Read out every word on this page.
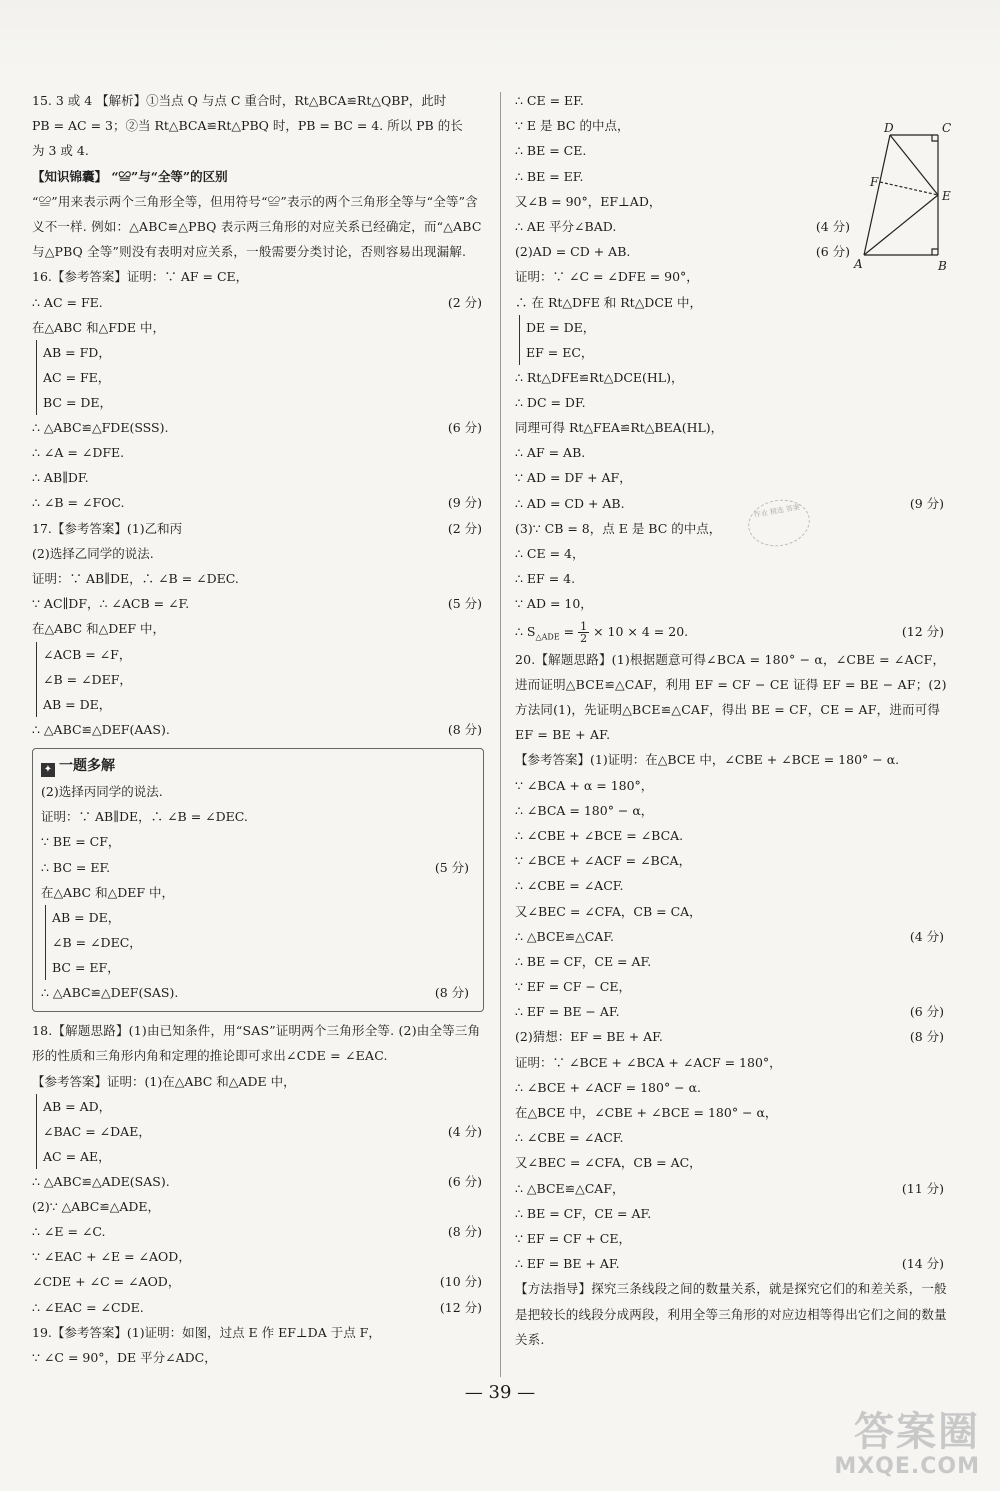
15. 3 或 4 【解析】①当点 Q 与点 C 重合时，Rt△BCA≌Rt△QBP，此时
PB = AC = 3；②当 Rt△BCA≌Rt△PBQ 时，PB = BC = 4. 所以 PB 的长
为 3 或 4.
【知识锦囊】 “≌”与“全等”的区别
“≌”用来表示两个三角形全等，但用符号“≌”表示的两个三角形全等与“全等”含义不一样. 例如：△ABC≌△PBQ 表示两三角形的对应关系已经确定，而“△ABC 与△PBQ 全等”则没有表明对应关系，一般需要分类讨论，否则容易出现漏解.
16.【参考答案】证明：∵ AF = CE，
∴ AC = FE.	(2 分)
在△ABC 和△FDE 中，
AB = FD，
AC = FE，
BC = DE，
∴ △ABC≌△FDE(SSS).	(6 分)
∴ ∠A = ∠DFE.
∴ AB∥DF.
∴ ∠B = ∠FOC.	(9 分)
17.【参考答案】(1)乙和丙	(2 分)
(2)选择乙同学的说法.
证明：∵ AB∥DE，∴ ∠B = ∠DEC.
∵ AC∥DF，∴ ∠ACB = ∠F.	(5 分)
在△ABC 和△DEF 中，
∠ACB = ∠F，
∠B = ∠DEF，
AB = DE，
∴ △ABC≌△DEF(AAS).	(8 分)
✦ 一题多解
(2)选择丙同学的说法.
证明：∵ AB∥DE，∴ ∠B = ∠DEC.
∵ BE = CF，
∴ BC = EF.	(5 分)
在△ABC 和△DEF 中，
AB = DE，
∠B = ∠DEC，
BC = EF，
∴ △ABC≌△DEF(SAS).	(8 分)
18.【解题思路】(1)由已知条件，用“SAS”证明两个三角形全等. (2)由全等三角形的性质和三角形内角和定理的推论即可求出∠CDE = ∠EAC.
【参考答案】证明：(1)在△ABC 和△ADE 中，
AB = AD，
∠BAC = ∠DAE，	(4 分)
AC = AE，
∴ △ABC≌△ADE(SAS).	(6 分)
(2)∵ △ABC≌△ADE，
∴ ∠E = ∠C.	(8 分)
∵ ∠EAC + ∠E = ∠AOD，
∠CDE + ∠C = ∠AOD，	(10 分)
∴ ∠EAC = ∠CDE.	(12 分)
19.【参考答案】(1)证明：如图，过点 E 作 EF⊥DA 于点 F，
∵ ∠C = 90°，DE 平分∠ADC，
∴ CE = EF.
∵ E 是 BC 的中点，
∴ BE = CE.
∴ BE = EF.
又∠B = 90°，EF⊥AD，
∴ AE 平分∠BAD.	(4 分)
(2)AD = CD + AB.	(6 分)
证明：∵ ∠C = ∠DFE = 90°，
∴ 在 Rt△DFE 和 Rt△DCE 中，
DE = DE，
EF = EC，
∴ Rt△DFE≌Rt△DCE(HL)，
∴ DC = DF.
同理可得 Rt△FEA≌Rt△BEA(HL)，
∴ AF = AB.
∵ AD = DF + AF，
∴ AD = CD + AB.	(9 分)
(3)∵ CB = 8，点 E 是 BC 的中点，
∴ CE = 4，
∴ EF = 4.
∵ AD = 10，
∴ $S_{\triangle ADE} = \frac{1}{2} \times 10 \times 4 = 20$.	(12 分)
20.【解题思路】(1)根据题意可得∠BCA = 180° − α，∠CBE = ∠ACF，进而证明△BCE≌△CAF，利用 EF = CF − CE 证得 EF = BE − AF；(2)方法同(1)，先证明△BCE≌△CAF，得出 BE = CF，CE = AF，进而可得 EF = BE + AF.
【参考答案】(1)证明：在△BCE 中，∠CBE + ∠BCE = 180° − α.
∵ ∠BCA + α = 180°，
∴ ∠BCA = 180° − α，
∴ ∠CBE + ∠BCE = ∠BCA.
∵ ∠BCE + ∠ACF = ∠BCA，
∴ ∠CBE = ∠ACF.
又∠BEC = ∠CFA，CB = CA，
∴ △BCE≌△CAF.	(4 分)
∴ BE = CF，CE = AF.
∵ EF = CF − CE，
∴ EF = BE − AF.	(6 分)
(2)猜想：EF = BE + AF.	(8 分)
证明：∵ ∠BCE + ∠BCA + ∠ACF = 180°，
∴ ∠BCE + ∠ACF = 180° − α.
在△BCE 中，∠CBE + ∠BCE = 180° − α，
∴ ∠CBE = ∠ACF.
又∠BEC = ∠CFA，CB = AC，
∴ △BCE≌△CAF，	(11 分)
∴ BE = CF，CE = AF.
∵ EF = CF + CE，
∴ EF = BE + AF.	(14 分)
【方法指导】探究三条线段之间的数量关系，就是探究它们的和差关系，一般是把较长的线段分成两段，利用全等三角形的对应边相等得出它们之间的数量关系.
D	C
F
E
A	B
作业 精选 答案
— 39 —
答案圈
MXQE.COM
